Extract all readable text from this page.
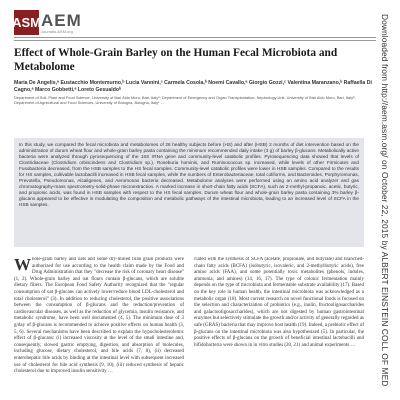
ASM AEM
Journals.ASM.org
Effect of Whole-Grain Barley on the Human Fecal Microbiota and Metabolome
Maria De Angelis,ᵃ Eustacchio Montemurno,ᵇ Lucia Vannini,ᶜ Carmela Cosola,ᵇ Noemi Cavallo,ᵃ Giorgio Gozzi,ᶜ Valentina Maranzano,ᵇ Raffaella Di Cagno,ᵃ Marco Gobbetti,ᵃ Loreto Gesualdoᵇ
Department of Soil, Plant and Food Science, University of Bari Aldo Moro, Bari, Italyᵃ; Department of Emergency and Organ Transplantation, Nephrology Unit, University of Bari Aldo Moro, Bari, Italyᵇ; Department of Agricultural and Food Sciences, University of Bologna, Bologna, Italyᶜ …
In this study, we compared the fecal microbiota and metabolomes of 26 healthy subjects before (HS) and after (HSB) 2 months of diet intervention based on the administration of durum wheat flour and whole-grain barley pasta containing the minimum recommended daily intake (3 g) of barley β-glucans. Metabolically active bacteria were analyzed through pyrosequencing of the 16S rRNA gene and community-level catabolic profiles. Pyrosequencing data showed that levels of Clostridiaceae (Clostridium orbiscindens and Clostridium sp.), Roseburia hominis, and Ruminococcus sp. increased, while levels of other Firmicutes and Fusobacteria decreased, from the HSB samples to the HS fecal samples. Community-level catabolic profiles were lower in HSB samples. Compared to the results for HS samples, cultivable lactobacilli increased in HSB fecal samples, while the numbers of Enterobacteriaceae, total coliforms, and Bacteroides, Porphyromonas, Prevotella, Pseudomonas, Alcaligenes, and Aeromonas bacteria decreased. Metabolome analyses were performed using an amino acid analyzer and gas chromatography-mass spectrometry-solid-phase microextraction. A marked increase in short-chain fatty acids (SCFA), such as 2-methyl-propanoic, acetic, butyric, and propionic acids, was found in HSB samples with respect to the HS fecal samples. Durum wheat flour and whole-grain barley pasta containing 3% barley β-glucans appeared to be effective in modulating the composition and metabolic pathways of the intestinal microbiota, leading to an increased level of SCFA in the HSB samples.

Whole-grain barley and oats and some dry-milled bran grain products were authorized for use according to the health claim made by the Food and Drug Administration that they "decrease the risk of coronary heart disease" (1, 2). Whole-grain barley and oat flours contain β-glucans, which are soluble dietary fibers. The European Food Safety Authority recognized that the "regular consumption of oat β-glucans can actively lower/reduce blood LDL-cholesterol and total cholesterol" (3). In addition to reducing cholesterol, the positive associations between the consumption of β-glucans and the reduction/prevention of cardiovascular diseases, as well as the reduction of glycemia, insulin resistance, and metabolic syndrome, have been well documented (4, 5). The minimum dose of 3 g/day of β-glucans is recommended to achieve positive effects on human health (3, 5, 6). Several mechanisms have been described to explain the hypocholesterolemic effect of β-glucans: (i) increased viscosity at the level of the small intestine and, consequently, slowed gastric emptying, digestion, and absorption of molecules, including glucose, dietary cholesterol, and bile acids (7, 8), (ii) decreased enterohepatic bile acids by binding at the intestinal level with subsequent increased use of cholesterol for bile acid synthesis (9, 10), (iii) reduced synthesis of hepatic cholesterol due to improved insulin sensitivity …

ciated with the synthesis of SCFA (acetate, propionate, and butyrate) and branched-chain fatty acids (BCFA) (isobutyric, isovaleric, and 2-methylbutyric acids), free amino acids (FAA), and some potentially toxic metabolites (phenols, indoles, ammonia, and amines) (14, 16, 17). The type of colonic fermentation mainly depends on the type of microbiota and fermentable substrate availability (17). Based on the key role in human health, the intestinal microbiota was acknowledged as a metabolic organ (18). Most current research on novel functional foods is focused on the selection and characterization of probiotics (e.g., inulin, fructooligosaccharides and galactooligosaccharides), which are not digested by human gastrointestinal enzymes but selectively stimulate the growth and/or activity of generally regarded as safe (GRAS) bacteria that may improve host health (19). Indeed, a prebiotic effect of β-glucans on the intestinal microbiota was also hypothesized (5). In particular, the positive effects of β-glucans on the growth of beneficial intestinal lactobacilli and bifidobacteria were shown in in vitro studies (20, 21) and animal experiments …	Downloaded from http://aem.asm.org/ on October 22, 2015 by ALBERT EINSTEIN COLL OF MED
